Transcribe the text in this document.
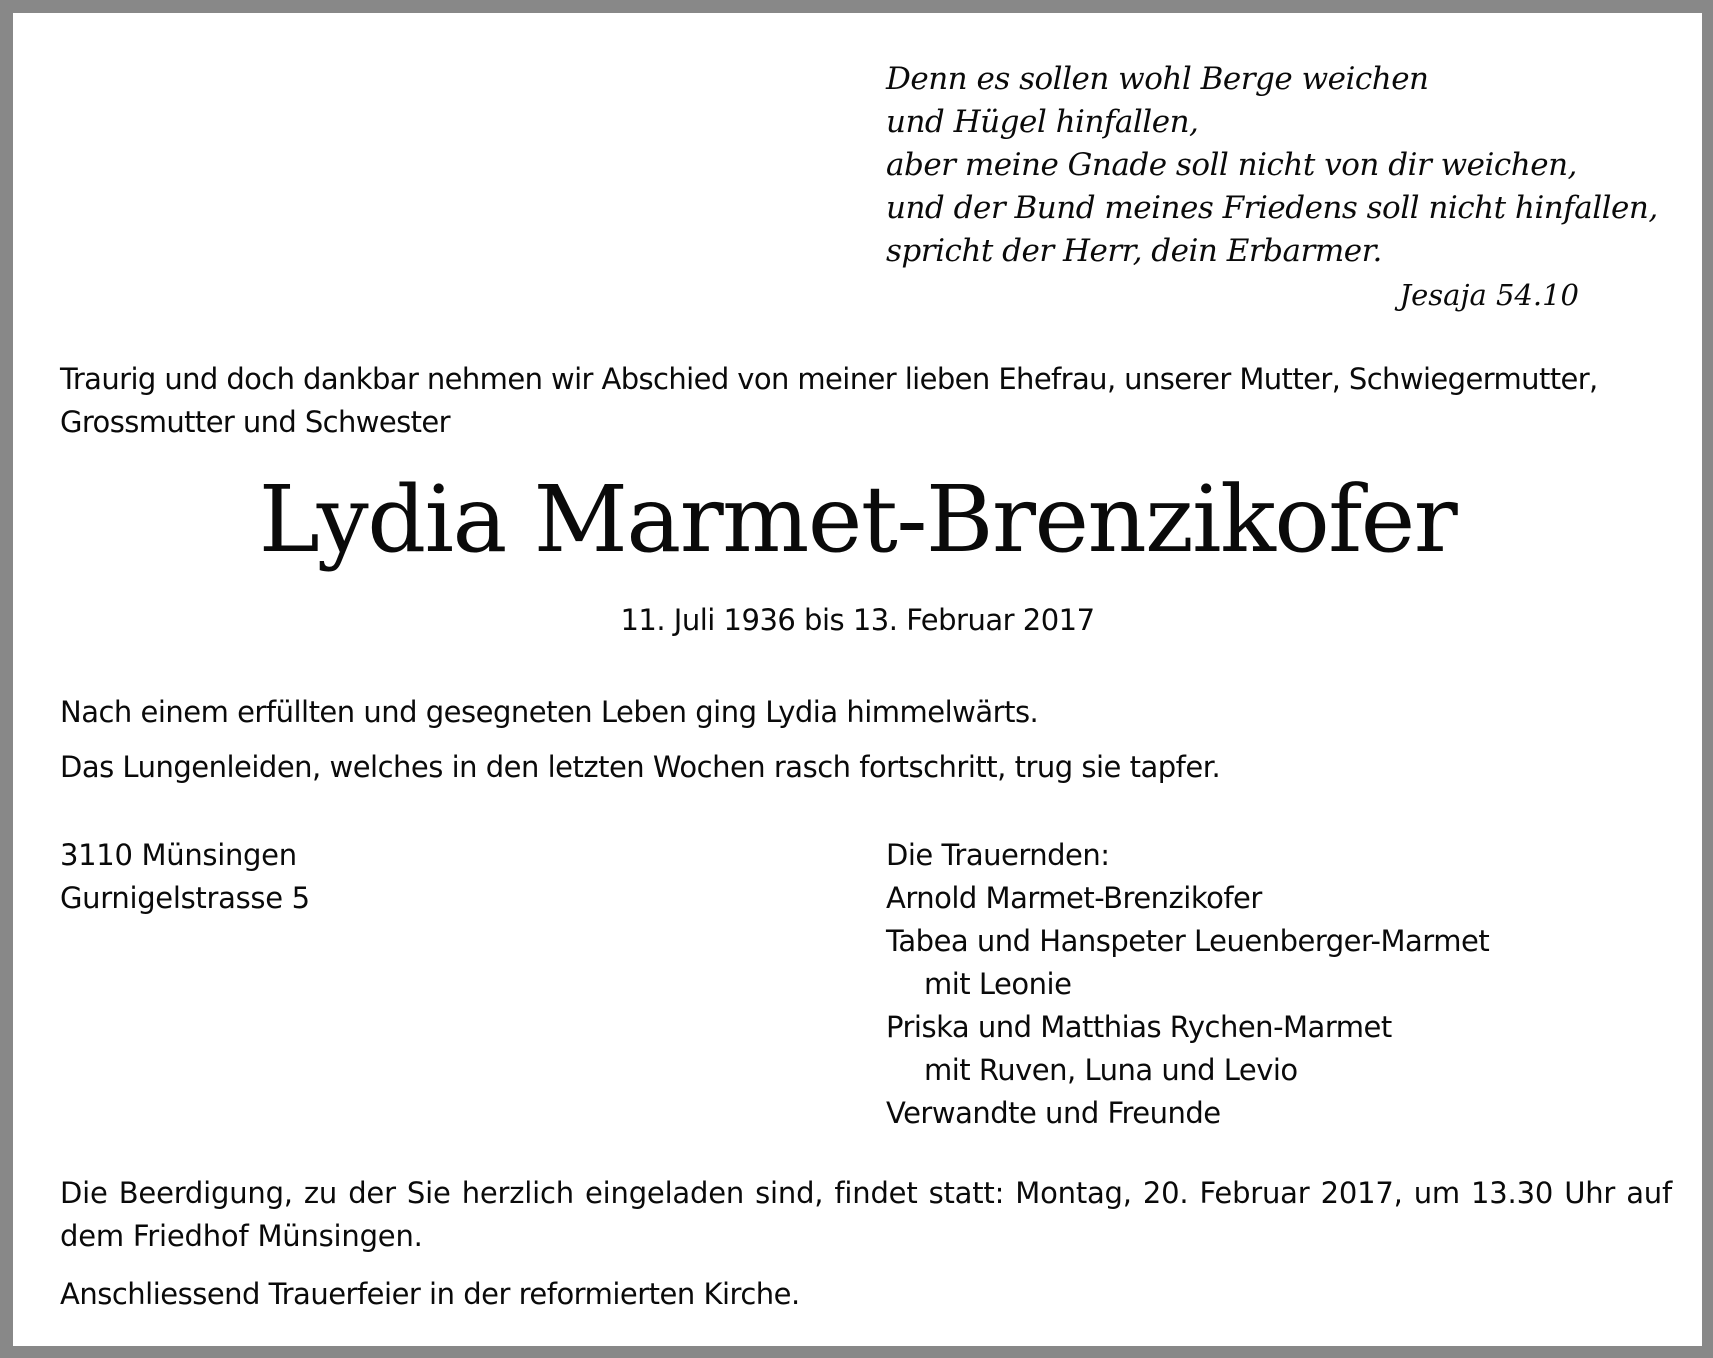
Denn es sollen wohl Berge weichen
und Hügel hinfallen,
aber meine Gnade soll nicht von dir weichen,
und der Bund meines Friedens soll nicht hinfallen,
spricht der Herr, dein Erbarmer.
Jesaja 54.10
Traurig und doch dankbar nehmen wir Abschied von meiner lieben Ehefrau, unserer Mutter, Schwiegermutter, Grossmutter und Schwester
Lydia Marmet-Brenzikofer
11. Juli 1936 bis 13. Februar 2017
Nach einem erfüllten und gesegneten Leben ging Lydia himmelwärts.
Das Lungenleiden, welches in den letzten Wochen rasch fortschritt, trug sie tapfer.
3110 Münsingen
Gurnigelstrasse 5
Die Trauernden:
Arnold Marmet-Brenzikofer
Tabea und Hanspeter Leuenberger-Marmet
mit Leonie
Priska und Matthias Rychen-Marmet
mit Ruven, Luna und Levio
Verwandte und Freunde
Die Beerdigung, zu der Sie herzlich eingeladen sind, findet statt: Montag, 20. Februar 2017, um 13.30 Uhr auf dem Friedhof Münsingen.
Anschliessend Trauerfeier in der reformierten Kirche.
